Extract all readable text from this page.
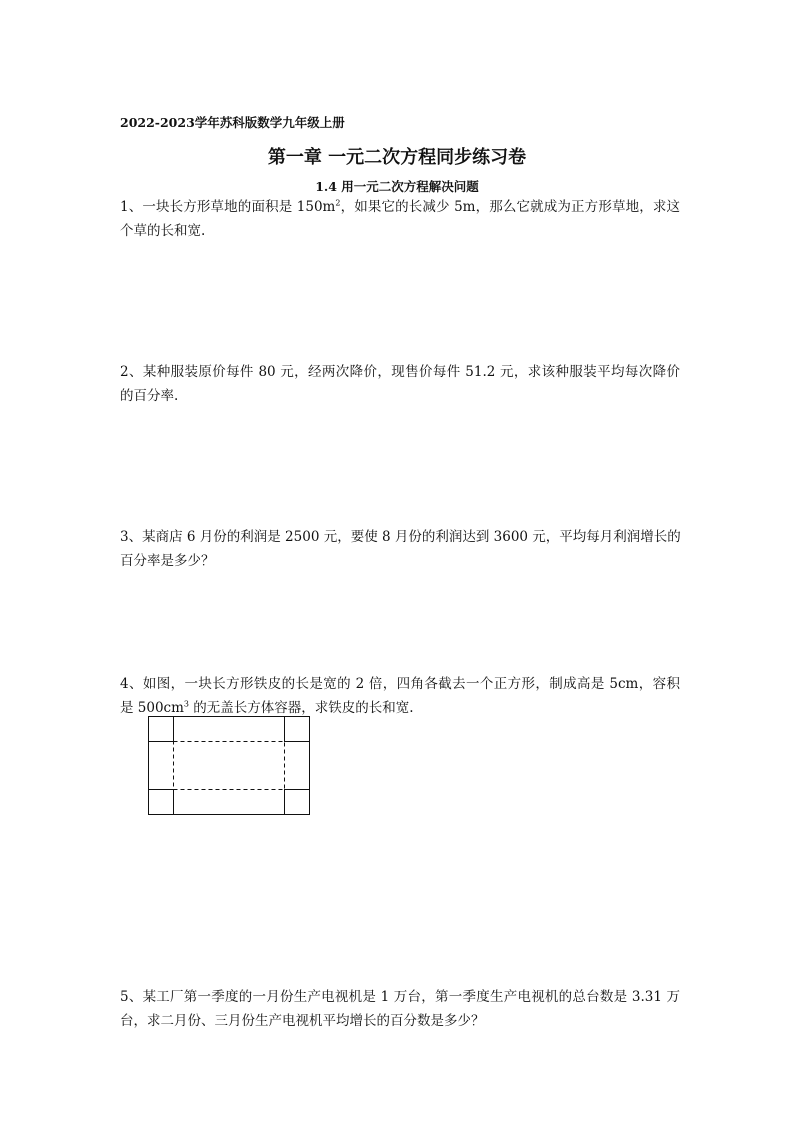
2022-2023学年苏科版数学九年级上册
第一章 一元二次方程同步练习卷
1.4 用一元二次方程解决问题
1、一块长方形草地的面积是 $150m^2$，如果它的长减少 5m，那么它就成为正方形草地，求这
个草的长和宽.
2、某种服装原价每件 80 元，经两次降价，现售价每件 51.2 元，求该种服装平均每次降价
的百分率.
3、某商店 6 月份的利润是 2500 元，要使 8 月份的利润达到 3600 元，平均每月利润增长的
百分率是多少？
4、如图，一块长方形铁皮的长是宽的 2 倍，四角各截去一个正方形，制成高是 5cm，容积
是 $500cm^3$ 的无盖长方体容器，求铁皮的长和宽.
5、某工厂第一季度的一月份生产电视机是 1 万台，第一季度生产电视机的总台数是 3.31 万
台，求二月份、三月份生产电视机平均增长的百分数是多少？
